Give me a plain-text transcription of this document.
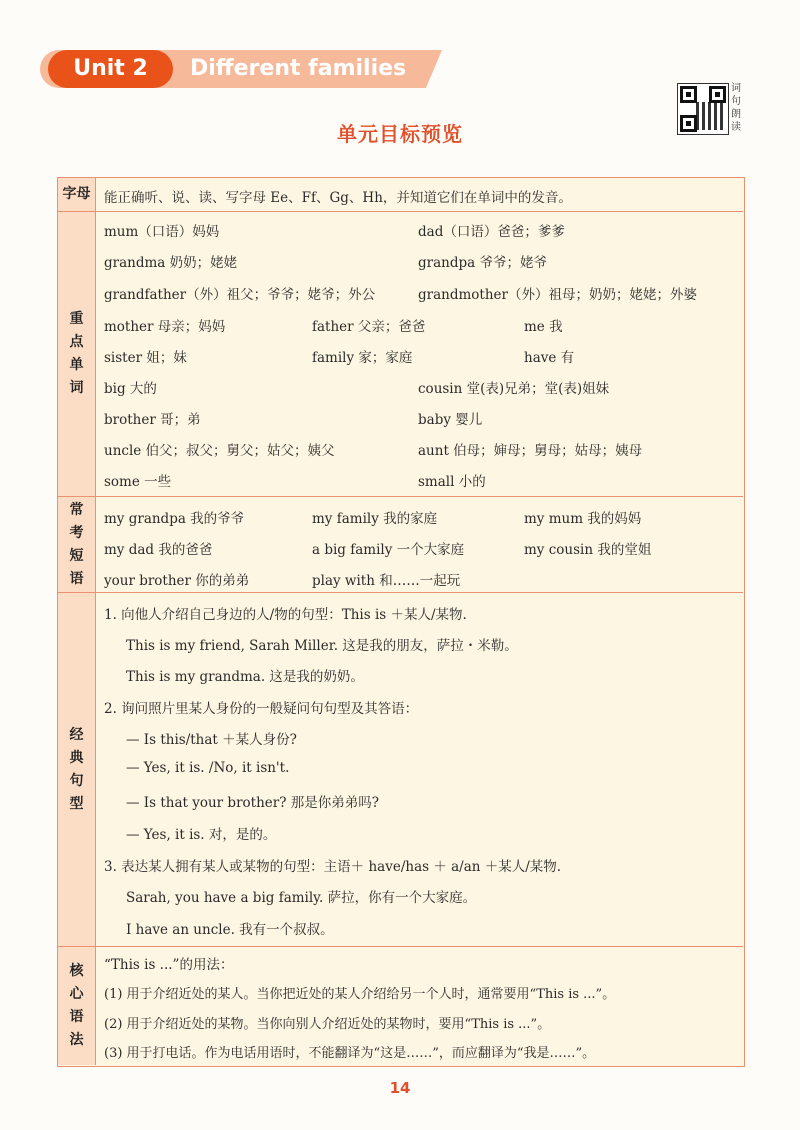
Unit 2	Different families
词句朗读
单元目标预览
字母 能正确听、说、读、写字母 Ee、Ff、Gg、Hh，并知道它们在单词中的发音。
重点单词
mum（口语）妈妈	dad（口语）爸爸；爹爹
grandma 奶奶；姥姥	grandpa 爷爷；姥爷
grandfather（外）祖父；爷爷；姥爷；外公	grandmother（外）祖母；奶奶；姥姥；外婆
mother 母亲；妈妈	father 父亲；爸爸	me 我
sister 姐；妹	family 家；家庭	have 有
big 大的	cousin 堂(表)兄弟；堂(表)姐妹
brother 哥；弟	baby 婴儿
uncle 伯父；叔父；舅父；姑父；姨父	aunt 伯母；婶母；舅母；姑母；姨母
some 一些	small 小的
常考短语
my grandpa 我的爷爷	my family 我的家庭	my mum 我的妈妈
my dad 我的爸爸	a big family 一个大家庭	my cousin 我的堂姐
your brother 你的弟弟	play with 和……一起玩
经典句型
1. 向他人介绍自己身边的人/物的句型：This is ＋某人/某物.
This is my friend, Sarah Miller. 这是我的朋友，萨拉・米勒。
This is my grandma. 这是我的奶奶。
2. 询问照片里某人身份的一般疑问句句型及其答语：
— Is this/that ＋某人身份?
— Yes, it is. /No, it isn't.
— Is that your brother? 那是你弟弟吗?
— Yes, it is. 对，是的。
3. 表达某人拥有某人或某物的句型：主语＋ have/has ＋ a/an ＋某人/某物.
Sarah, you have a big family. 萨拉，你有一个大家庭。
I have an uncle. 我有一个叔叔。
核心语法
“This is ...”的用法：
(1) 用于介绍近处的某人。当你把近处的某人介绍给另一个人时，通常要用“This is ...”。
(2) 用于介绍近处的某物。当你向别人介绍近处的某物时，要用“This is ...”。
(3) 用于打电话。作为电话用语时，不能翻译为“这是……”，而应翻译为“我是……”。
14
